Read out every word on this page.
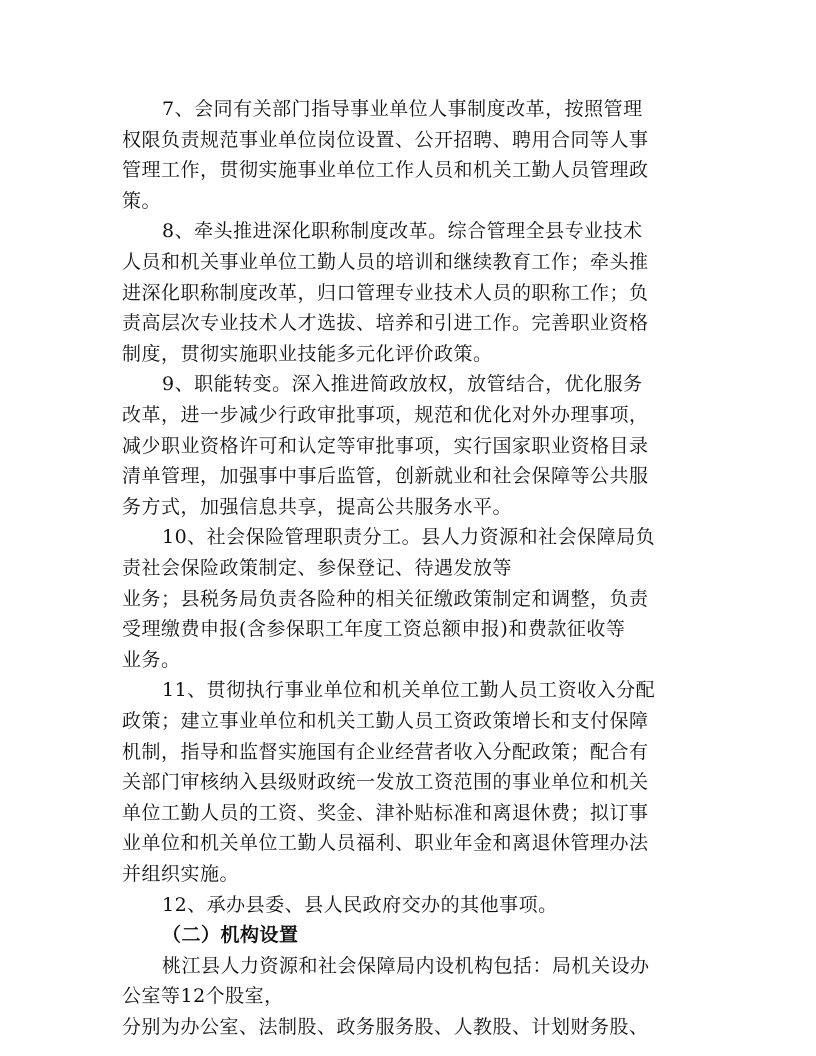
7、会同有关部门指导事业单位人事制度改革，按照管理
权限负责规范事业单位岗位设置、公开招聘、聘用合同等人事
管理工作，贯彻实施事业单位工作人员和机关工勤人员管理政
策。
8、牵头推进深化职称制度改革。综合管理全县专业技术
人员和机关事业单位工勤人员的培训和继续教育工作；牵头推
进深化职称制度改革，归口管理专业技术人员的职称工作；负
责高层次专业技术人才选拔、培养和引进工作。完善职业资格
制度，贯彻实施职业技能多元化评价政策。
9、职能转变。深入推进简政放权，放管结合，优化服务
改革，进一步减少行政审批事项，规范和优化对外办理事项，
减少职业资格许可和认定等审批事项，实行国家职业资格目录
清单管理，加强事中事后监管，创新就业和社会保障等公共服
务方式，加强信息共享，提高公共服务水平。
10、社会保险管理职责分工。县人力资源和社会保障局负
责社会保险政策制定、参保登记、待遇发放等
业务；县税务局负责各险种的相关征缴政策制定和调整，负责
受理缴费申报(含参保职工年度工资总额申报)和费款征收等
业务。
11、贯彻执行事业单位和机关单位工勤人员工资收入分配
政策；建立事业单位和机关工勤人员工资政策增长和支付保障
机制，指导和监督实施国有企业经营者收入分配政策；配合有
关部门审核纳入县级财政统一发放工资范围的事业单位和机关
单位工勤人员的工资、奖金、津补贴标准和离退休费；拟订事
业单位和机关单位工勤人员福利、职业年金和离退休管理办法
并组织实施。
12、承办县委、县人民政府交办的其他事项。
（二）机构设置
桃江县人力资源和社会保障局内设机构包括：局机关设办
公室等12个股室，
分别为办公室、法制股、政务服务股、人教股、计划财务股、
